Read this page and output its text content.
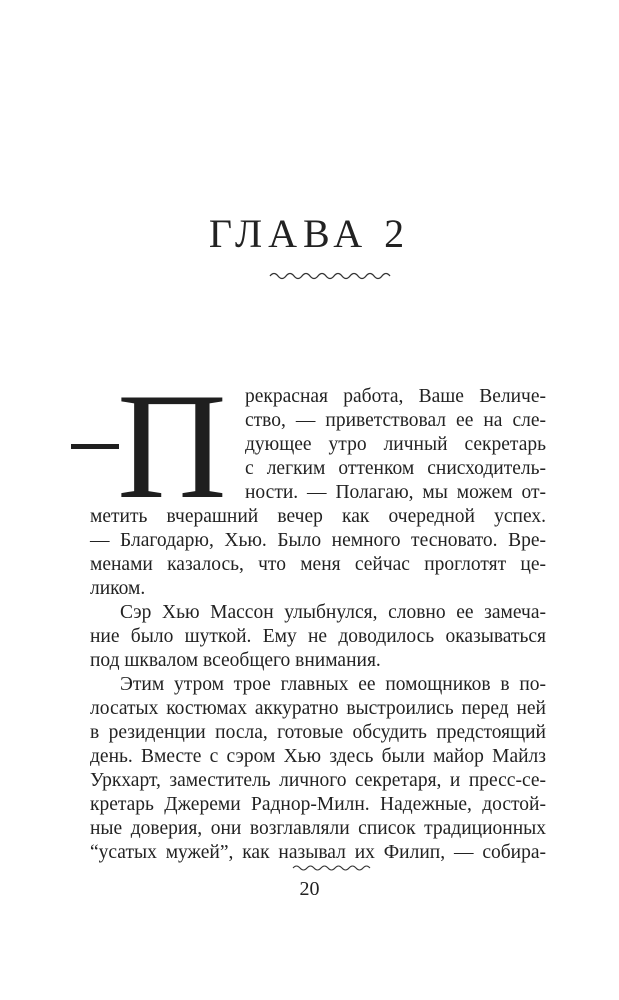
ГЛАВА 2
П рекрасная работа, Ваше Величе-
ство, — приветствовал ее на сле-
дующее утро личный секретарь
с легким оттенком снисходитель-
ности. — Полагаю, мы можем от-
метить вчерашний вечер как очередной успех.
— Благодарю, Хью. Было немного тесновато. Вре-
менами казалось, что меня сейчас проглотят це-
ликом.
Сэр Хью Массон улыбнулся, словно ее замеча-
ние было шуткой. Ему не доводилось оказываться
под шквалом всеобщего внимания.
Этим утром трое главных ее помощников в по-
лосатых костюмах аккуратно выстроились перед ней
в резиденции посла, готовые обсудить предстоящий
день. Вместе с сэром Хью здесь были майор Майлз
Уркхарт, заместитель личного секретаря, и пресс-се-
кретарь Джереми Раднор-Милн. Надежные, достой-
ные доверия, они возглавляли список традиционных
“усатых мужей”, как называл их Филип, — собира-
20
